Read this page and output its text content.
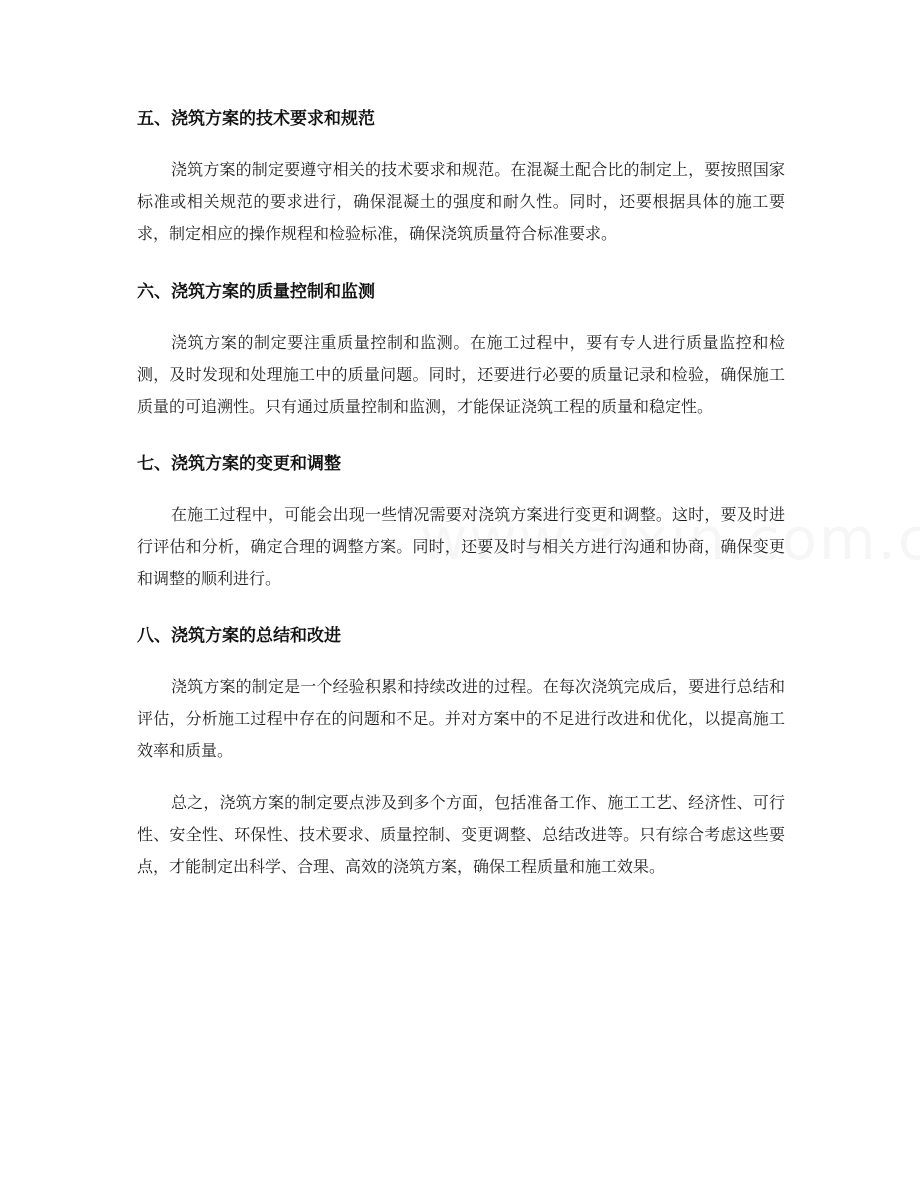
五、浇筑方案的技术要求和规范

浇筑方案的制定要遵守相关的技术要求和规范。在混凝土配合比的制定上，要按照国家标准或相关规范的要求进行，确保混凝土的强度和耐久性。同时，还要根据具体的施工要求，制定相应的操作规程和检验标准，确保浇筑质量符合标准要求。

六、浇筑方案的质量控制和监测

浇筑方案的制定要注重质量控制和监测。在施工过程中，要有专人进行质量监控和检测，及时发现和处理施工中的质量问题。同时，还要进行必要的质量记录和检验，确保施工质量的可追溯性。只有通过质量控制和监测，才能保证浇筑工程的质量和稳定性。

七、浇筑方案的变更和调整

在施工过程中，可能会出现一些情况需要对浇筑方案进行变更和调整。这时，要及时进行评估和分析，确定合理的调整方案。同时，还要及时与相关方进行沟通和协商，确保变更和调整的顺利进行。

八、浇筑方案的总结和改进

浇筑方案的制定是一个经验积累和持续改进的过程。在每次浇筑完成后，要进行总结和评估，分析施工过程中存在的问题和不足。并对方案中的不足进行改进和优化，以提高施工效率和质量。

总之，浇筑方案的制定要点涉及到多个方面，包括准备工作、施工工艺、经济性、可行性、安全性、环保性、技术要求、质量控制、变更调整、总结改进等。只有综合考虑这些要点，才能制定出科学、合理、高效的浇筑方案，确保工程质量和施工效果。
